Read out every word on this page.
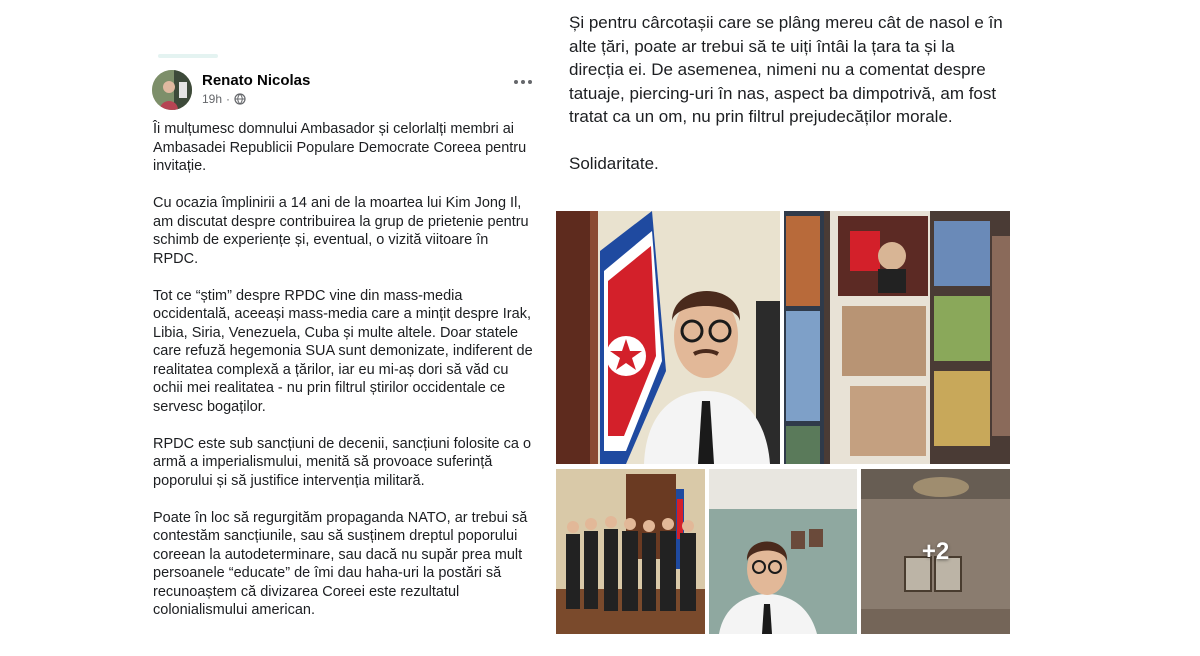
Renato Nicolas
19h ·

Îi mulțumesc domnului Ambasador și celorlalți membri ai Ambasadei Republicii Populare Democrate Coreea pentru invitație.

Cu ocazia împlinirii a 14 ani de la moartea lui Kim Jong Il, am discutat despre contribuirea la grup de prietenie pentru schimb de experiențe și, eventual, o vizită viitoare în RPDC.

Tot ce “știm” despre RPDC vine din mass-media occidentală, aceeași mass-media care a mințit despre Irak, Libia, Siria, Venezuela, Cuba și multe altele. Doar statele care refuză hegemonia SUA sunt demonizate, indiferent de realitatea complexă a țărilor, iar eu mi-aș dori să văd cu ochii mei realitatea - nu prin filtrul știrilor occidentale ce servesc bogaților.

RPDC este sub sancțiuni de decenii, sancțiuni folosite ca o armă a imperialismului, menită să provoace suferință poporului și să justifice intervenția militară.

Poate în loc să regurgităm propaganda NATO, ar trebui să contestăm sancțiunile, sau să susținem dreptul poporului coreean la autodeterminare, sau dacă nu supăr prea mult persoanele “educate” de îmi dau haha-uri la postări să recunoaștem că divizarea Coreei este rezultatul colonialismului american.

Și pentru cârcotașii care se plâng mereu cât de nasol e în alte țări, poate ar trebui să te uiți întâi la țara ta și la direcția ei. De asemenea, nimeni nu a comentat despre tatuaje, piercing-uri în nas, aspect ba dimpotrivă, am fost tratat ca un om, nu prin filtrul prejudecăților morale.

Solidaritate.

+2
